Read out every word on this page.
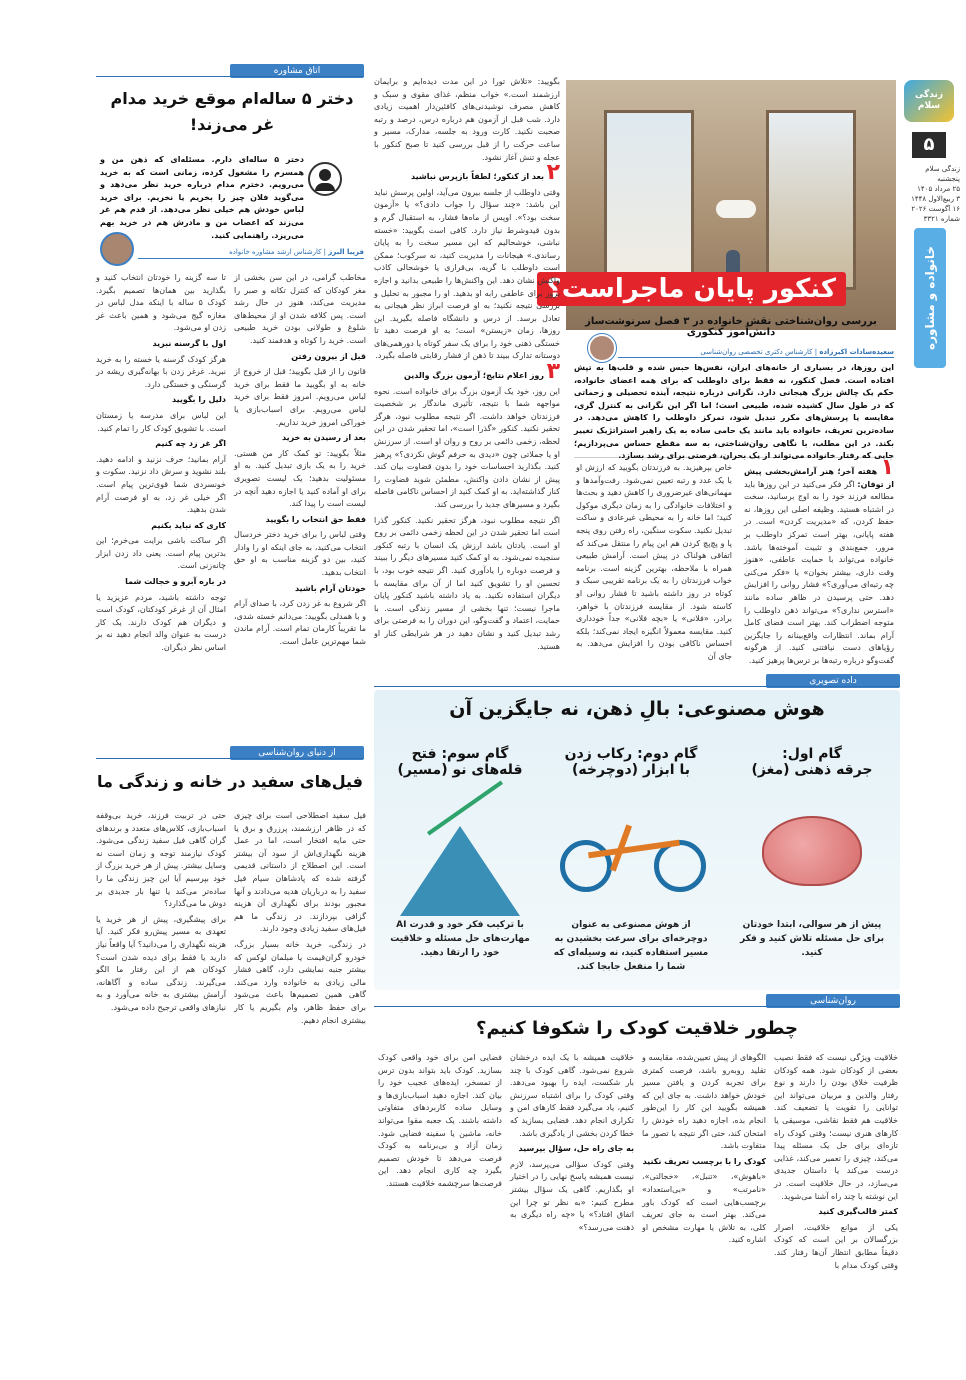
زندگی سلام
۵
زندگی سلام
پنجشنبه
۲۵ مرداد ۱۴۰۵
۳ ربیع‌الاول ۱۴۴۸
۱۶ آگوست ۲۰۲۶
شماره ۳۳۲۱
خانواده و مشاوره
کنکور پایان ماجراست؟
بررسی روان‌شناختی نقش خانواده در ۳ فصل سرنوشت‌ساز دانش‌آموز کنکوری
سعیده‌سادات اکبرزاده | کارشناس دکتری تخصصی روان‌شناسی
این روزها، در بسیاری از خانه‌های ایران، نفس‌ها حبس شده و قلب‌ها به تپش افتاده است. فصل کنکور، نه فقط برای داوطلب که برای همه اعضای خانواده، حکم یک چالش بزرگ هیجانی دارد. نگرانی درباره نتیجه، آینده تحصیلی و زحماتی که در طول سال کشیده شده، طبیعی است؛ اما اگر این نگرانی به کنترل گری، مقایسه یا پرسش‌های مکرر تبدیل شود، تمرکز داوطلب را کاهش می‌دهد. در ساده‌ترین تعریف، خانواده باید مانند یک حامی ساده به یک راهبر استراتژیک تغییر بکند. در این مطلب، با نگاهی روان‌شناختی، به سه مقطع حساس می‌پردازیم؛ جایی که رفتار خانواده می‌تواند از یک بحران، فرصتی برای رشد بسازد.

۱ هفته آخر؛ هنر آرامش‌بخشی پیش از توفان: اگر فکر می‌کنید در این روزها باید مطالعه فرزند خود را به اوج برسانید، سخت در اشتباه هستید. وظیفه اصلی این روزها، نه حفظ کردن، که «مدیریت کردن» است. در هفته پایانی، بهتر است تمرکز داوطلب بر مرور، جمع‌بندی و تثبیت آموخته‌ها باشد. خانواده می‌تواند با حمایت عاطفی، «هنوز وقت داری، بیشتر بخوان» یا «فکر می‌کنی چه رتبه‌ای می‌آوری؟» فشار روانی را افزایش دهد. حتی پرسیدن در ظاهر ساده مانند «استرس نداری؟» می‌تواند ذهن داوطلب را متوجه اضطراب کند. بهتر است فضای کامل آرام بماند. انتظارات واقع‌بینانه را جایگزین رؤیاهای دست نیافتنی کنید. از هرگونه گفت‌وگو درباره رتبه‌ها بر ترس‌ها پرهیز کنید.

خاص بپرهیزید. به فرزندتان بگویید که ارزش او با یک عدد و رتبه تعیین نمی‌شود. رفت‌وآمدها و مهمانی‌های غیرضروری را کاهش دهید و بحث‌ها و اختلافات خانوادگی را به زمان دیگری موکول کنید؛ اما خانه را به محیطی غیرعادی و ساکت تبدیل نکنید. سکوت سنگین، راه رفتن روی پنجه پا و پچ‌پچ کردن هم این پیام را منتقل می‌کند که اتفاقی هولناک در پیش است. آرامش طبیعی همراه با ملاحظه، بهترین گزینه است. برنامه خواب فرزندتان را به یک برنامه تقریبی سبک و کوتاه در روز داشته باشید تا فشار روانی او کاسته شود. از مقایسه فرزندتان با خواهر، برادر، «فلانی» یا «بچه فلانی» جداً خودداری کنید. مقایسه معمولاً انگیزه ایجاد نمی‌کند؛ بلکه احساس ناکافی بودن را افزایش می‌دهد. به جای آن

بگویید: «تلاش تورا در این مدت دیده‌ایم و برایمان ارزشمند است.» خواب منظم، غذای مقوی و سبک و کاهش مصرف نوشیدنی‌های کافئین‌دار اهمیت زیادی دارد. شب قبل از آزمون هم درباره درس، درصد و رتبه صحبت نکنید. کارت ورود به جلسه، مدارک، مسیر و ساعت حرکت را از قبل بررسی کنید تا صبح کنکور با عجله و تنش آغاز نشود.

۲ بعد از کنکور؛ لطفاً بازپرس نباشید

وقتی داوطلب از جلسه بیرون می‌آید، اولین پرسش نباید این باشد: «چند سؤال را جواب دادی؟» یا «آزمون سخت بود؟». اوپس از ماه‌ها فشار، به استقبال گرم و بدون قیدوشرط نیاز دارد. کافی است بگویید: «خسته نباشی، خوشحالیم که این مسیر سخت را به پایان رساندی.» هیجانات را مدیریت کنید، نه سرکوب؛ ممکن است داوطلب با گریه، بی‌قراری یا خوشحالی کاذب واکنش نشان دهد. این واکنش‌ها را طبیعی بدانید و اجازه بروز برای عاطفی رابه او بدهید. او را مجبور به تحلیل و بررسی نتیجه نکنید؛ به او فرصت ابراز نظر هیجانی به تعادل برسد. از درس و دانشگاه فاصله بگیرید. این روزها، زمان «زیستن» است؛ به او فرصت دهید تا خستگی ذهنی خود را برای یک سفر کوتاه یا دورهمی‌های دوستانه تدارک ببیند تا ذهن از فشار رقابتی فاصله بگیرد.

۳ روز اعلام نتایج؛ آزمون بزرگ والدین

این روز، خود یک آزمون بزرگ برای خانواده است. نحوه مواجهه شما با نتیجه، تأثیری ماندگار بر شخصیت فرزندتان خواهد داشت. اگر نتیجه مطلوب نبود، هرگز تحقیر نکنید. کنکور «گذرا است»، اما تحقیر شدن در این لحظه، زخمی دائمی بر روح و روان او است. از سرزنش او یا جملاتی چون «دیدی به حرفم گوش نکردی؟» پرهیز کنید. بگذارید احساسات خود را بدون قضاوت بیان کند. پیش از نشان دادن واکنش، مطمئن شوید قضاوت را کنار گذاشته‌اید. به او کمک کنید از احساس ناکامی فاصله بگیرد و مسیرهای جدید را بررسی کند.

اگر نتیجه مطلوب نبود، هرگز تحقیر نکنید. کنکور گذرا است اما تحقیر شدن در این لحظه زخمی دائمی بر روح او است. یادتان باشد ارزش یک انسان با رتبه کنکور سنجیده نمی‌شود. به او کمک کنید مسیرهای دیگر را ببیند و فرصت دوباره را یادآوری کنید. اگر نتیجه خوب بود، با تحسین او را تشویق کنید اما از آن برای مقایسه با دیگران استفاده نکنید. به یاد داشته باشید کنکور پایان ماجرا نیست؛ تنها بخشی از مسیر زندگی است. با حمایت، اعتماد و گفت‌وگو، این دوران را به فرصتی برای رشد تبدیل کنید و نشان دهید در هر شرایطی کنار او هستید.

اتاق مشاوره
دختر ۵ ساله‌ام موقع خرید مدام غر می‌زند!
دختر ۵ ساله‌ای دارم. مسئله‌ای که ذهن من و همسرم را مشغول کرده، زمانی است که به خرید می‌رویم. دخترم مدام درباره خرید نظر می‌دهد و می‌گوید فلان چیز را بخریم یا نخریم. برای خرید لباس خودش هم خیلی نظر می‌دهد. از قدم هم غر می‌زند که اعصاب من و مادرش هم در خرید بهم می‌ریزد. راهنمایی کنید.
فریبا البرز | کارشناس ارشد مشاوره خانواده

مخاطب گرامی، در این سن بخشی از مغز کودکان که کنترل تکانه و صبر را مدیریت می‌کند، هنوز در حال رشد است. پس کلافه شدن او از محیط‌های شلوغ و طولانی بودن خرید طبیعی است. خرید را کوتاه و هدفمند کنید.

قبل از بیرون رفتن

قانون را از قبل بگویید؛ قبل از خروج از خانه به او بگویید ما فقط برای خرید لباس می‌رویم. امروز فقط برای خرید لباس می‌رویم. برای اسباب‌بازی یا خوراکی امروز خرید نداریم.

بعد از رسیدن به خرید

مثلاً بگویید: تو کمک کار من هستی. خرید را به یک بازی تبدیل کنید. به او مسئولیت بدهید؛ یک لیست تصویری برای او آماده کنید یا اجازه دهید آنچه در لیست است را پیدا کند.

فقط حق انتخاب را بگویید

وقتی لباس را برای خرید دختر خردسال انتخاب می‌کنید، به جای اینکه او را وادار کنید، بین دو گزینه مناسب به او حق انتخاب بدهید.

خودتان آرام باشید

اگر شروع به غر زدن کرد، با صدای آرام و با همدلی بگویید: می‌دانم خسته شدی، ما تقریباً کارمان تمام است. آرام ماندن شما مهم‌ترین عامل است.

تا سه گزینه را خودتان انتخاب کنید و بگذارید بین همان‌ها تصمیم بگیرد. کودک ۵ ساله با اینکه مدل لباس در مغازه گیج می‌شود و همین باعث غر زدن او می‌شود.

اول با گرسنه نبرید

هرگز کودک گرسنه یا خسته را به خرید نبرید. غرغر زدن با بهانه‌گیری ریشه در گرسنگی و خستگی دارد.

دلیل را بگویید

این لباس برای مدرسه یا زمستان است. با تشویق کودک کار را تمام کنید.

اگر غر زد چه کنیم

آرام بمانید؛ حرف نزنید و ادامه دهید. بلند نشوید و سرش داد نزنید. سکوت و خونسردی شما قوی‌ترین پیام است. اگر خیلی غر زد، به او فرصت آرام شدن بدهید.

کاری که نباید بکنیم

اگر ساکت باشی برایت می‌خرم؛ این بدترین پیام است. یعنی داد زدن ابزار چانه‌زنی است.

در باره آبرو و خجالت شما

توجه داشته باشید، مردم عزیزید یا امثال آن از غرغر کودکتان، کودک است و دیگران هم کودک دارند. یک کار درست به عنوان والد انجام دهید نه بر اساس نظر دیگران.

از دنیای روان‌شناسی
فیل‌های سفید در خانه و زندگی ما

فیل سفید اصطلاحی است برای چیزی که در ظاهر ارزشمند، پرزرق و برق یا حتی مایه افتخار است، اما در عمل هزینه نگهداری‌اش از سود آن بیشتر است. این اصطلاح از داستانی قدیمی گرفته شده که پادشاهان سیام فیل سفید را به درباریان هدیه می‌دادند و آنها مجبور بودند برای نگهداری آن هزینه گزافی بپردازند. در زندگی ما هم فیل‌های سفید زیادی وجود دارند.

در زندگی، خرید خانه بسیار بزرگ، خودرو گران‌قیمت یا مبلمان لوکس که بیشتر جنبه نمایشی دارد، گاهی فشار مالی زیادی به خانواده وارد می‌کند. گاهی همین تصمیم‌ها باعث می‌شود برای حفظ ظاهر، وام بگیریم یا کار بیشتری انجام دهیم.

حتی در تربیت فرزند، خرید بی‌وقفه اسباب‌بازی، کلاس‌های متعدد و برندهای گران گاهی فیل سفید زندگی می‌شود. کودک نیازمند توجه و زمان است نه وسایل بیشتر. پیش از هر خرید بزرگ از خود بپرسیم آیا این چیز زندگی ما را ساده‌تر می‌کند یا تنها بار جدیدی بر دوش ما می‌گذارد؟

برای پیشگیری، پیش از هر خرید یا تعهدی به مسیر پیش‌رو فکر کنید. آیا هزینه نگهداری را می‌دانید؟ آیا واقعاً نیاز دارید یا فقط برای دیده شدن است؟ کودکان هم از این رفتار ما الگو می‌گیرند. زندگی ساده و آگاهانه، آرامش بیشتری به خانه می‌آورد و به نیازهای واقعی ترجیح داده می‌شود.

داده تصویری
هوش مصنوعی: بالِ ذهن، نه جایگزین آن
گام اول:
جرقه ذهنی (مغز)
پیش از هر سوالی، ابتدا خودتان برای حل مسئله تلاش کنید و فکر کنید.
گام دوم: رکاب زدن
با ابزار (دوچرخه)
از هوش مصنوعی به عنوان دوچرخه‌ای برای سرعت بخشیدن به مسیر استفاده کنید، نه وسیله‌ای که شما را منفعل جابجا کند.
گام سوم: فتح
قله‌های نو (مسیر)
با ترکیب فکر خود و قدرت AI مهارت‌های حل مسئله و خلاقیت خود را ارتقا دهید.
روان‌شناسی
چطور خلاقیت کودک را شکوفا کنیم؟

خلاقیت ویژگی نیست که فقط نصیب بعضی از کودکان شود. همه کودکان ظرفیت خلاق بودن را دارند و نوع رفتار والدین و مربیان می‌تواند این توانایی را تقویت یا تضعیف کند. خلاقیت هم فقط نقاشی، موسیقی یا کارهای هنری نیست؛ وقتی کودک راه تازه‌ای برای حل یک مسئله پیدا می‌کند، چیزی را تعمیر می‌کند، غذایی درست می‌کند یا داستان جدیدی می‌سازد، در حال خلاقیت است. در این نوشته با چند راه آشنا می‌شوید.

کمتر قالب‌گیری کنید

یکی از موانع خلاقیت، اصرار بزرگسالان بر این است که کودک دقیقاً مطابق انتظار آن‌ها رفتار کند. وقتی کودک مدام با

الگوهای از پیش تعیین‌شده، مقایسه و تقلید روبه‌رو باشد، فرصت کمتری برای تجربه کردن و یافتن مسیر خودش خواهد داشت. به جای این که همیشه بگویید این کار را این‌طور انجام بده، اجازه دهید راه خودش را امتحان کند، حتی اگر نتیجه با تصور ما متفاوت باشد.

کودک را با برچسب تعریف نکنید

«باهوش»، «تنبل»، «خجالتی»، «نامرتب» و «بی‌استعداد» برچسب‌هایی است که کودک باور می‌کند. بهتر است به جای تعریف کلی، به تلاش یا مهارت مشخص او اشاره کنید.

خلاقیت همیشه با یک ایده درخشان شروع نمی‌شود. گاهی کودک با چند بار شکست، ایده را بهبود می‌دهد. وقتی کودک را برای اشتباه سرزنش کنیم، یاد می‌گیرد فقط کارهای امن و تکراری انجام دهد. فضایی بسازید که خطا کردن بخشی از یادگیری باشد.

به جای راه حل، سؤال بپرسید

وقتی کودک سؤالی می‌پرسد، لازم نیست همیشه پاسخ نهایی را در اختیار او بگذاریم. گاهی یک سؤال بیشتر مطرح کنیم: «به نظر تو چرا این اتفاق افتاد؟» یا «چه راه دیگری به ذهنت می‌رسد؟»

فضایی امن برای خود واقعی کودک بسازید. کودک باید بتواند بدون ترس از تمسخر، ایده‌های عجیب خود را بیان کند. اجازه دهید اسباب‌بازی‌ها و وسایل ساده کاربردهای متفاوتی داشته باشند. یک جعبه مقوا می‌تواند خانه، ماشین یا سفینه فضایی شود. زمان آزاد و بی‌برنامه به کودک فرصت می‌دهد تا خودش تصمیم بگیرد چه کاری انجام دهد. این فرصت‌ها سرچشمه خلاقیت هستند.
